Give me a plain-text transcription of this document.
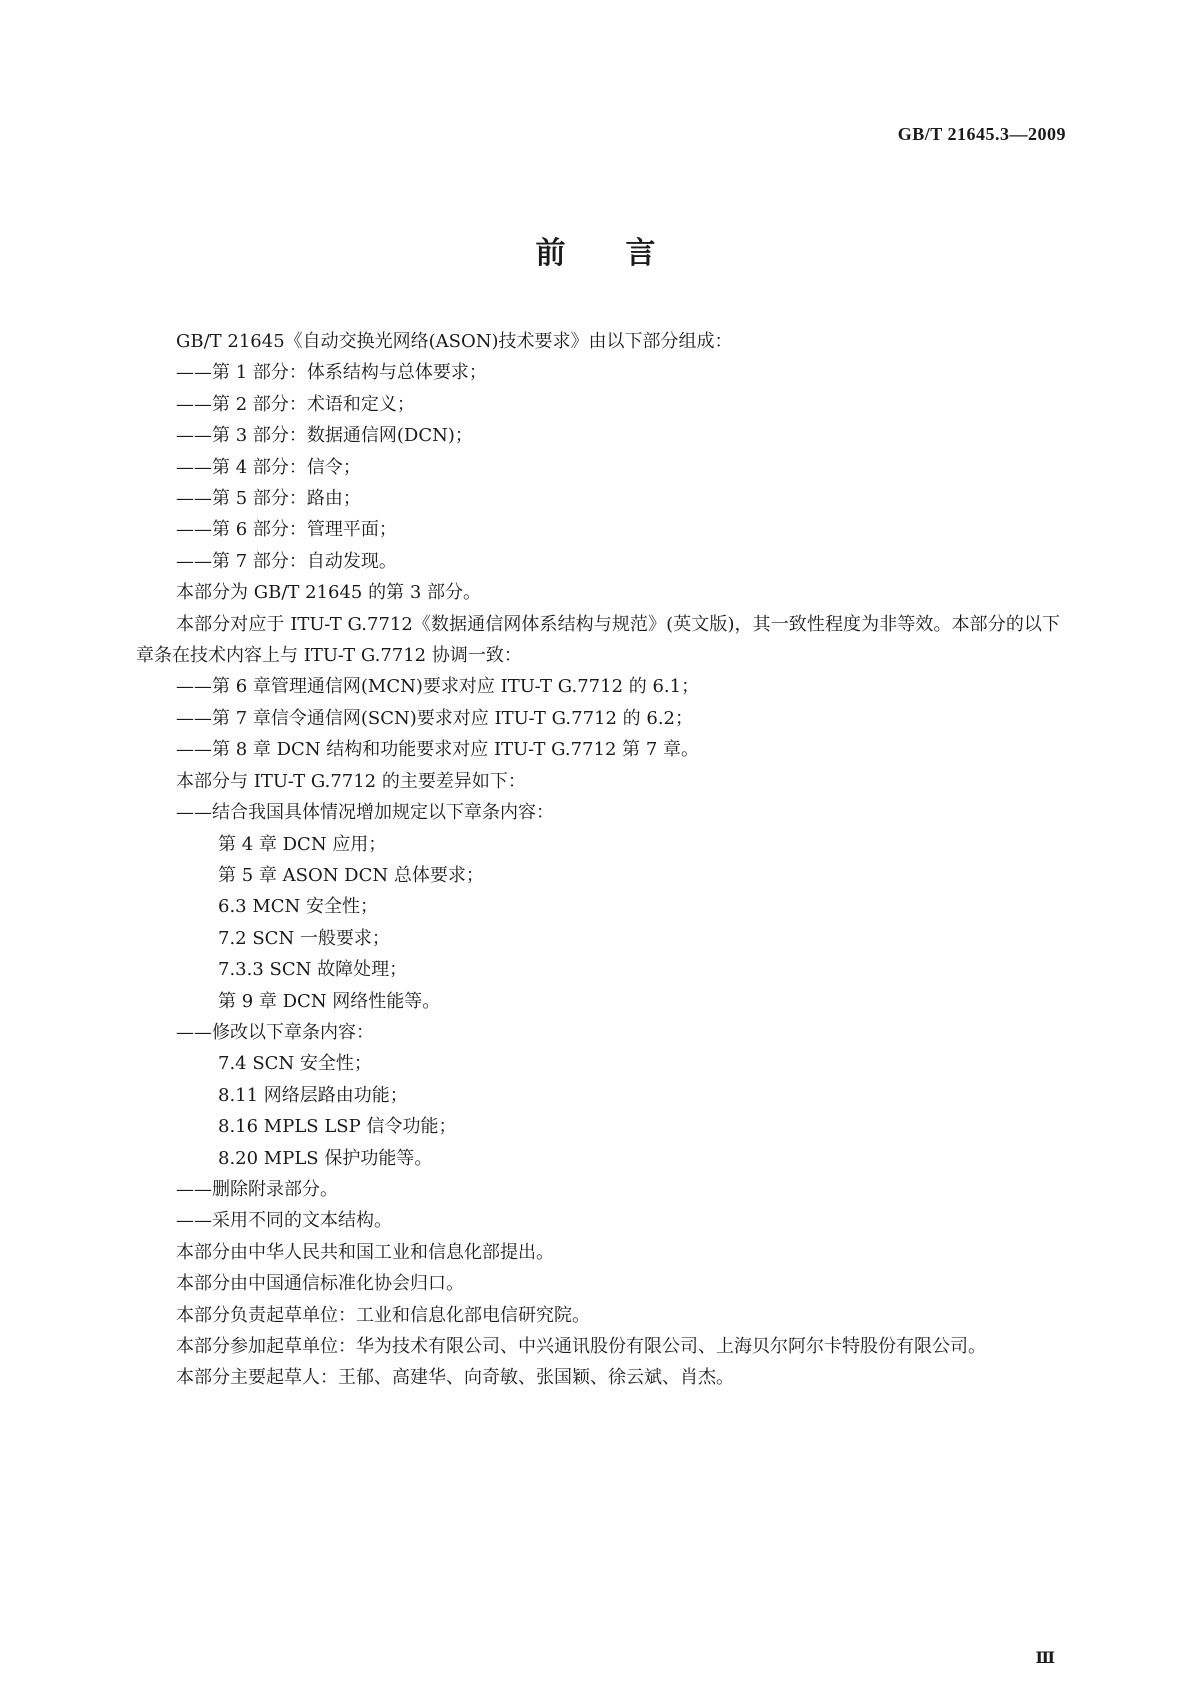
GB/T 21645.3—2009
前言

GB/T 21645《自动交换光网络(ASON)技术要求》由以下部分组成：

——第 1 部分：体系结构与总体要求；

——第 2 部分：术语和定义；

——第 3 部分：数据通信网(DCN)；

——第 4 部分：信令；

——第 5 部分：路由；

——第 6 部分：管理平面；

——第 7 部分：自动发现。

本部分为 GB/T 21645 的第 3 部分。

本部分对应于 ITU-T G.7712《数据通信网体系结构与规范》(英文版)，其一致性程度为非等效。本部分的以下章条在技术内容上与 ITU-T G.7712 协调一致：

——第 6 章管理通信网(MCN)要求对应 ITU-T G.7712 的 6.1；

——第 7 章信令通信网(SCN)要求对应 ITU-T G.7712 的 6.2；

——第 8 章 DCN 结构和功能要求对应 ITU-T G.7712 第 7 章。

本部分与 ITU-T G.7712 的主要差异如下：

——结合我国具体情况增加规定以下章条内容：

第 4 章 DCN 应用；

第 5 章 ASON DCN 总体要求；

6.3 MCN 安全性；

7.2 SCN 一般要求；

7.3.3 SCN 故障处理；

第 9 章 DCN 网络性能等。

——修改以下章条内容：

7.4 SCN 安全性；

8.11 网络层路由功能；

8.16 MPLS LSP 信令功能；

8.20 MPLS 保护功能等。

——删除附录部分。

——采用不同的文本结构。

本部分由中华人民共和国工业和信息化部提出。

本部分由中国通信标准化协会归口。

本部分负责起草单位：工业和信息化部电信研究院。

本部分参加起草单位：华为技术有限公司、中兴通讯股份有限公司、上海贝尔阿尔卡特股份有限公司。

本部分主要起草人：王郁、高建华、向奇敏、张国颖、徐云斌、肖杰。

Ⅲ
